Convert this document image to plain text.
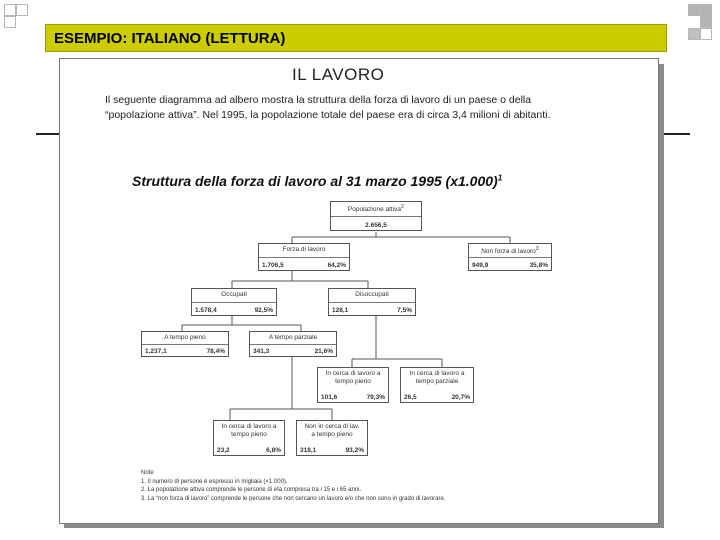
ESEMPIO: ITALIANO (LETTURA)
IL LAVORO
Il seguente diagramma ad albero mostra la struttura della forza di lavoro di un paese o della “popolazione attiva”. Nel 1995, la popolazione totale del paese era di circa 3,4 milioni di abitanti.
Struttura della forza di lavoro al 31 marzo 1995 $(x1.000)^1$
Popolazione attiva$^2$
2.656,5
Forza di lavoro
1.706,5	64,2%
Non forza di lavoro$^3$
949,9	35,8%
Occupati
1.578,4	92,5%
Disoccupati
128,1	7,5%
A tempo pieno
1.237,1	78,4%
A tempo parziale
341,3	21,6%
In cerca di lavoro a
tempo pieno
101,6	79,3%
In cerca di lavoro a
tempo parziale
26,5	20,7%
In cerca di lavoro a
tempo pieno
23,2	6,8%
Non in cerca di lav.
a tempo pieno
318,1	93,2%
Note
1. Il numero di persone è espresso in migliaia (×1.000).
2. La popolazione attiva comprende le persone di età compresa tra i 15 e i 65 anni.
3. La “non forza di lavoro” comprende le persone che non cercano un lavoro e/o che non sono in grado di lavorare.
